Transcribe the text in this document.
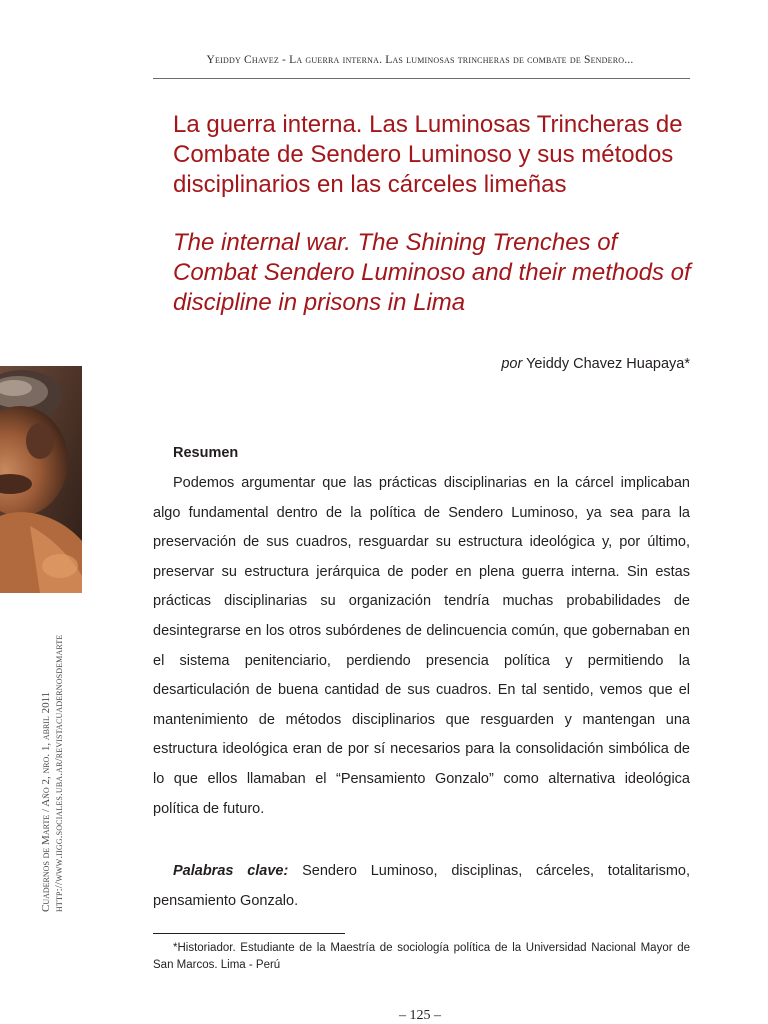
Yeiddy Chavez - La guerra interna. Las luminosas trincheras de combate de Sendero...
La guerra interna. Las Luminosas Trincheras de Combate de Sendero Luminoso y sus métodos disciplinarios en las cárceles limeñas
The internal war. The Shining Trenches of Combat Sendero Luminoso and their methods of discipline in prisons in Lima
por Yeiddy Chavez Huapaya*
Cuadernos de Marte / Año 2, nro. 1, abril 2011 http://www.iigg.sociales.uba.ar/revistacuadernosdemarte
Resumen

Podemos argumentar que las prácticas disciplinarias en la cárcel implicaban algo fundamental dentro de la política de Sendero Luminoso, ya sea para la preservación de sus cuadros, resguardar su estructura ideológica y, por último, preservar su estructura jerárquica de poder en plena guerra interna. Sin estas prácticas disciplinarias su organización tendría muchas probabilidades de desintegrarse en los otros subórdenes de delincuencia común, que gobernaban en el sistema penitenciario, perdiendo presencia política y permitiendo la desarticulación de buena cantidad de sus cuadros. En tal sentido, vemos que el mantenimiento de métodos disciplinarios que resguarden y mantengan una estructura ideológica eran de por sí necesarios para la consolidación simbólica de lo que ellos llamaban el “Pensamiento Gonzalo” como alternativa ideológica política de futuro.

Palabras clave: Sendero Luminoso, disciplinas, cárceles, totalitarismo, pensamiento Gonzalo.

*Historiador. Estudiante de la Maestría de sociología política de la Universidad Nacional Mayor de San Marcos. Lima - Perú

– 125 –
